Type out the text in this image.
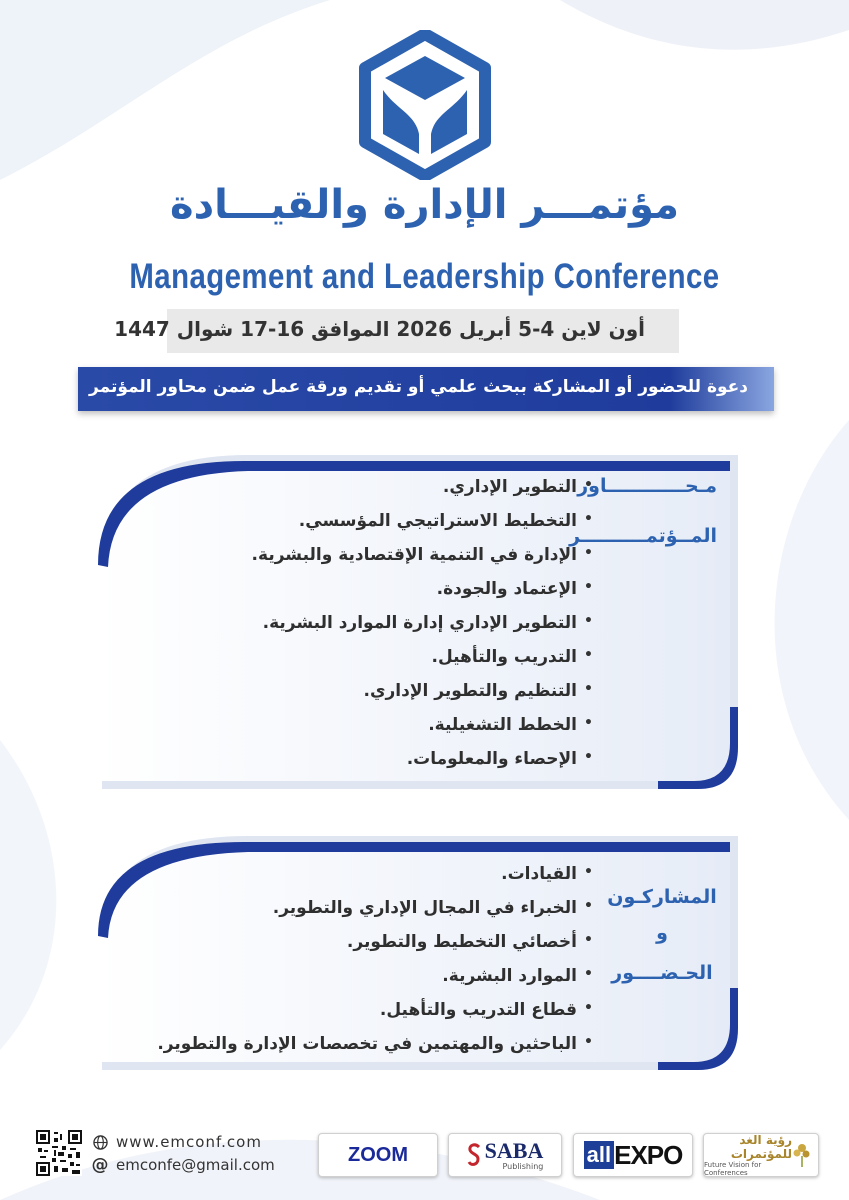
مؤتمـــر الإدارة والقيـــادة
Management and Leadership Conference
أون لاين 4-5 أبريل 2026 الموافق 16-17 شوال 1447
دعوة للحضور أو المشاركة ببحث علمي أو تقديم ورقة عمل ضمن محاور المؤتمر
مـحــــــــــــاور
المــؤتمــــــــــر
• التطوير الإداري.
• التخطيط الاستراتيجي المؤسسي.
• الإدارة في التنمية الإقتصادية والبشرية.
• الإعتماد والجودة.
• التطوير الإداري إدارة الموارد البشرية.
• التدريب والتأهيل.
• التنظيم والتطوير الإداري.
• الخطط التشغيلية.
• الإحصاء والمعلومات.
المشاركـون
و
الحـضــــور
• القيادات.
• الخبراء في المجال الإداري والتطوير.
• أخصائي التخطيط والتطوير.
• الموارد البشرية.
• قطاع التدريب والتأهيل.
• الباحثين والمهتمين في تخصصات الإدارة والتطوير.
www.emconf.com
@ emconfe@gmail.com	ZOOM	SABA
Publishing all EXPO	رؤية الغد للمؤتمرات
Future Vision for Conferences
